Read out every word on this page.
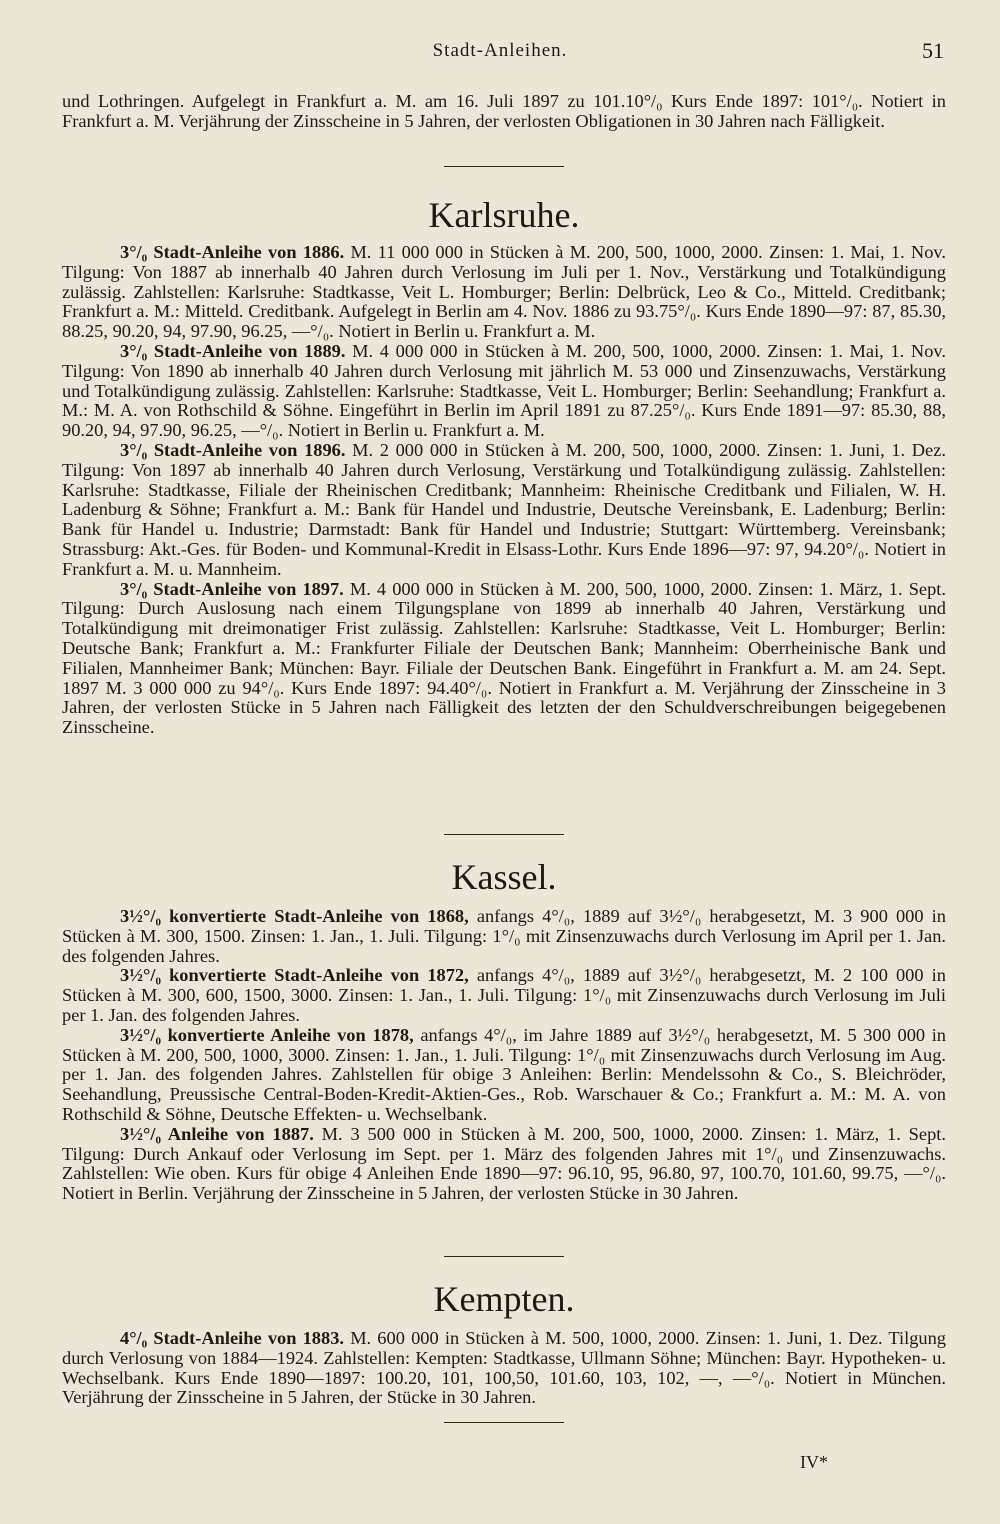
Stadt-Anleihen.	51

und Lothringen. Aufgelegt in Frankfurt a. M. am 16. Juli 1897 zu 101.10°/₀ Kurs Ende 1897: 101°/₀. Notiert in Frankfurt a. M. Verjährung der Zinsscheine in 5 Jahren, der verlosten Obligationen in 30 Jahren nach Fälligkeit.

Karlsruhe.

3°/₀ Stadt-Anleihe von 1886. M. 11 000 000 in Stücken à M. 200, 500, 1000, 2000. Zinsen: 1. Mai, 1. Nov. Tilgung: Von 1887 ab innerhalb 40 Jahren durch Verlosung im Juli per 1. Nov., Verstärkung und Totalkündigung zulässig. Zahlstellen: Karlsruhe: Stadtkasse, Veit L. Homburger; Berlin: Delbrück, Leo & Co., Mitteld. Creditbank; Frankfurt a. M.: Mitteld. Creditbank. Aufgelegt in Berlin am 4. Nov. 1886 zu 93.75°/₀. Kurs Ende 1890—97: 87, 85.30, 88.25, 90.20, 94, 97.90, 96.25, —°/₀. Notiert in Berlin u. Frankfurt a. M.

3°/₀ Stadt-Anleihe von 1889. M. 4 000 000 in Stücken à M. 200, 500, 1000, 2000. Zinsen: 1. Mai, 1. Nov. Tilgung: Von 1890 ab innerhalb 40 Jahren durch Verlosung mit jährlich M. 53 000 und Zinsenzuwachs, Verstärkung und Totalkündigung zulässig. Zahlstellen: Karlsruhe: Stadtkasse, Veit L. Homburger; Berlin: Seehandlung; Frankfurt a. M.: M. A. von Rothschild & Söhne. Eingeführt in Berlin im April 1891 zu 87.25°/₀. Kurs Ende 1891—97: 85.30, 88, 90.20, 94, 97.90, 96.25, —°/₀. Notiert in Berlin u. Frankfurt a. M.

3°/₀ Stadt-Anleihe von 1896. M. 2 000 000 in Stücken à M. 200, 500, 1000, 2000. Zinsen: 1. Juni, 1. Dez. Tilgung: Von 1897 ab innerhalb 40 Jahren durch Verlosung, Verstärkung und Totalkündigung zulässig. Zahlstellen: Karlsruhe: Stadtkasse, Filiale der Rheinischen Creditbank; Mannheim: Rheinische Creditbank und Filialen, W. H. Ladenburg & Söhne; Frankfurt a. M.: Bank für Handel und Industrie, Deutsche Vereinsbank, E. Ladenburg; Berlin: Bank für Handel u. Industrie; Darmstadt: Bank für Handel und Industrie; Stuttgart: Württemberg. Vereinsbank; Strassburg: Akt.-Ges. für Boden- und Kommunal-Kredit in Elsass-Lothr. Kurs Ende 1896—97: 97, 94.20°/₀. Notiert in Frankfurt a. M. u. Mannheim.

3°/₀ Stadt-Anleihe von 1897. M. 4 000 000 in Stücken à M. 200, 500, 1000, 2000. Zinsen: 1. März, 1. Sept. Tilgung: Durch Auslosung nach einem Tilgungsplane von 1899 ab innerhalb 40 Jahren, Verstärkung und Totalkündigung mit dreimonatiger Frist zulässig. Zahlstellen: Karlsruhe: Stadtkasse, Veit L. Homburger; Berlin: Deutsche Bank; Frankfurt a. M.: Frankfurter Filiale der Deutschen Bank; Mannheim: Oberrheinische Bank und Filialen, Mannheimer Bank; München: Bayr. Filiale der Deutschen Bank. Eingeführt in Frankfurt a. M. am 24. Sept. 1897 M. 3 000 000 zu 94°/₀. Kurs Ende 1897: 94.40°/₀. Notiert in Frankfurt a. M. Verjährung der Zinsscheine in 3 Jahren, der verlosten Stücke in 5 Jahren nach Fälligkeit des letzten der den Schuldverschreibungen beigegebenen Zinsscheine.

Kassel.

3½°/₀ konvertierte Stadt-Anleihe von 1868, anfangs 4°/₀, 1889 auf 3½°/₀ herabgesetzt, M. 3 900 000 in Stücken à M. 300, 1500. Zinsen: 1. Jan., 1. Juli. Tilgung: 1°/₀ mit Zinsenzuwachs durch Verlosung im April per 1. Jan. des folgenden Jahres.

3½°/₀ konvertierte Stadt-Anleihe von 1872, anfangs 4°/₀, 1889 auf 3½°/₀ herabgesetzt, M. 2 100 000 in Stücken à M. 300, 600, 1500, 3000. Zinsen: 1. Jan., 1. Juli. Tilgung: 1°/₀ mit Zinsenzuwachs durch Verlosung im Juli per 1. Jan. des folgenden Jahres.

3½°/₀ konvertierte Anleihe von 1878, anfangs 4°/₀, im Jahre 1889 auf 3½°/₀ herabgesetzt, M. 5 300 000 in Stücken à M. 200, 500, 1000, 3000. Zinsen: 1. Jan., 1. Juli. Tilgung: 1°/₀ mit Zinsenzuwachs durch Verlosung im Aug. per 1. Jan. des folgenden Jahres. Zahlstellen für obige 3 Anleihen: Berlin: Mendelssohn & Co., S. Bleichröder, Seehandlung, Preussische Central-Boden-Kredit-Aktien-Ges., Rob. Warschauer & Co.; Frankfurt a. M.: M. A. von Rothschild & Söhne, Deutsche Effekten- u. Wechselbank.

3½°/₀ Anleihe von 1887. M. 3 500 000 in Stücken à M. 200, 500, 1000, 2000. Zinsen: 1. März, 1. Sept. Tilgung: Durch Ankauf oder Verlosung im Sept. per 1. März des folgenden Jahres mit 1°/₀ und Zinsenzuwachs. Zahlstellen: Wie oben. Kurs für obige 4 Anleihen Ende 1890—97: 96.10, 95, 96.80, 97, 100.70, 101.60, 99.75, —°/₀. Notiert in Berlin. Verjährung der Zinsscheine in 5 Jahren, der verlosten Stücke in 30 Jahren.

Kempten.

4°/₀ Stadt-Anleihe von 1883. M. 600 000 in Stücken à M. 500, 1000, 2000. Zinsen: 1. Juni, 1. Dez. Tilgung durch Verlosung von 1884—1924. Zahlstellen: Kempten: Stadtkasse, Ullmann Söhne; München: Bayr. Hypotheken- u. Wechselbank. Kurs Ende 1890—1897: 100.20, 101, 100,50, 101.60, 103, 102, —, —°/₀. Notiert in München. Verjährung der Zinsscheine in 5 Jahren, der Stücke in 30 Jahren.

IV*
